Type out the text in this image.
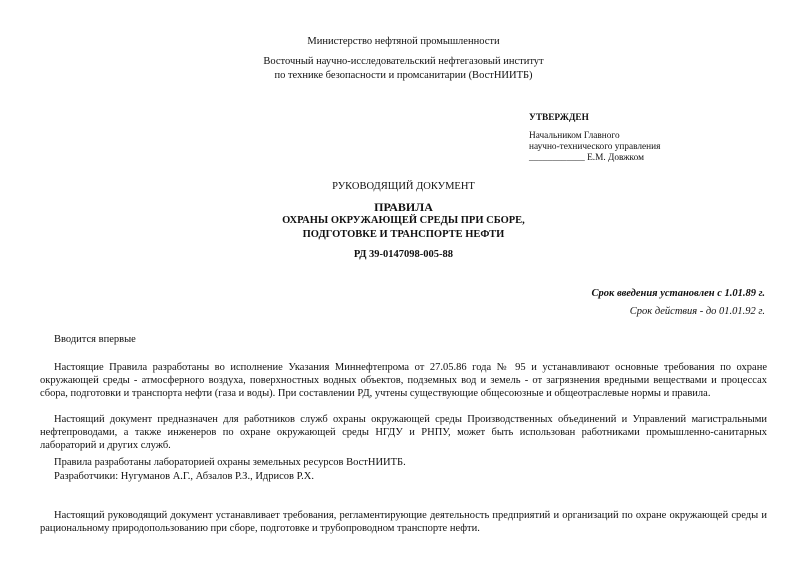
Министерство нефтяной промышленности
Восточный научно-исследовательский нефтегазовый институт
по технике безопасности и промсанитарии (ВостНИИТБ)
УТВЕРЖДЕН
Начальником Главного
научно-технического управления
____________ Е.М. Довжком
РУКОВОДЯЩИЙ ДОКУМЕНТ
ПРАВИЛА
ОХРАНЫ ОКРУЖАЮЩЕЙ СРЕДЫ ПРИ СБОРЕ,
ПОДГОТОВКЕ И ТРАНСПОРТЕ НЕФТИ
РД 39-0147098-005-88
Срок введения установлен с 1.01.89 г.
Срок действия - до 01.01.92 г.
Вводится впервые
Настоящие Правила разработаны во исполнение Указания Миннефтепрома от 27.05.86 года № 95 и устанавливают основные требования по охране окружающей среды - атмосферного воздуха, поверхностных водных объектов, подземных вод и земель - от загрязнения вредными веществами и процессах сбора, подготовки и транспорта нефти (газа и воды). При составлении РД, учтены существующие общесоюзные и общеотраслевые нормы и правила.
Настоящий документ предназначен для работников служб охраны окружающей среды Производственных объединений и Управлений магистральными нефтепроводами, а также инженеров по охране окружающей среды НГДУ и РНПУ, может быть использован работниками промышленно-санитарных лабораторий и других служб.
Правила разработаны лабораторией охраны земельных ресурсов ВостНИИТБ.
Разработчики: Нугуманов А.Г., Абзалов Р.З., Идрисов Р.Х.
Настоящий руководящий документ устанавливает требования, регламентирующие деятельность предприятий и организаций по охране окружающей среды и рациональному природопользованию при сборе, подготовке и трубопроводном транспорте нефти.
